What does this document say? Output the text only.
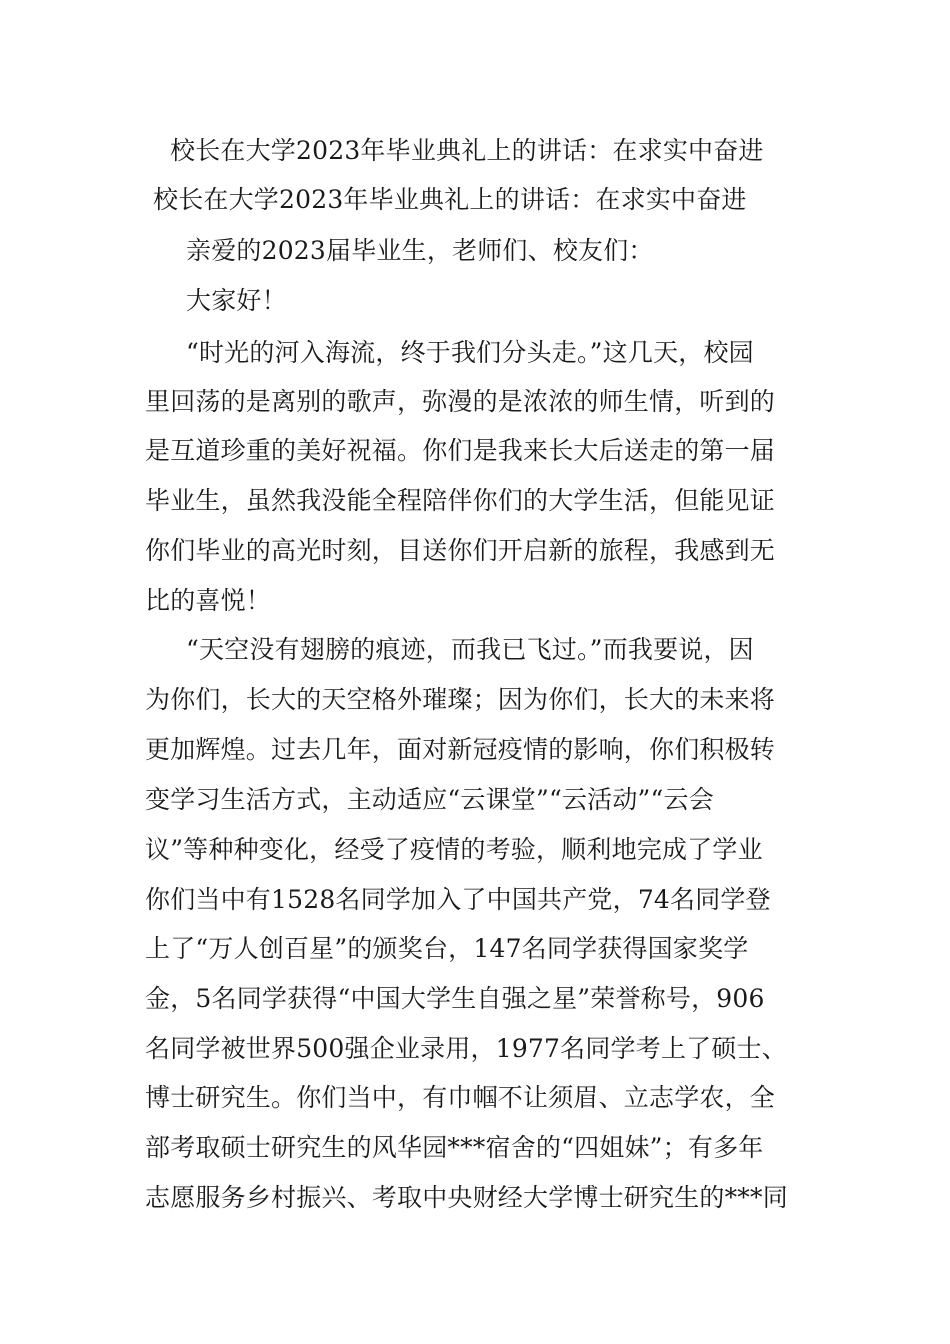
校长在大学2023年毕业典礼上的讲话：在求实中奋进
校长在大学2023年毕业典礼上的讲话：在求实中奋进
亲爱的2023届毕业生，老师们、校友们：
大家好！
“时光的河入海流，终于我们分头走。”这几天，校园
里回荡的是离别的歌声，弥漫的是浓浓的师生情，听到的
是互道珍重的美好祝福。你们是我来长大后送走的第一届
毕业生，虽然我没能全程陪伴你们的大学生活，但能见证
你们毕业的高光时刻，目送你们开启新的旅程，我感到无
比的喜悦！
“天空没有翅膀的痕迹，而我已飞过。”而我要说，因
为你们，长大的天空格外璀璨；因为你们，长大的未来将
更加辉煌。过去几年，面对新冠疫情的影响，你们积极转
变学习生活方式，主动适应“云课堂”“云活动”“云会
议”等种种变化，经受了疫情的考验，顺利地完成了学业
你们当中有1528名同学加入了中国共产党，74名同学登
上了“万人创百星”的颁奖台，147名同学获得国家奖学
金，5名同学获得“中国大学生自强之星”荣誉称号，906
名同学被世界500强企业录用，1977名同学考上了硕士、
博士研究生。你们当中，有巾帼不让须眉、立志学农，全
部考取硕士研究生的风华园***宿舍的“四姐妹”；有多年
志愿服务乡村振兴、考取中央财经大学博士研究生的***同
